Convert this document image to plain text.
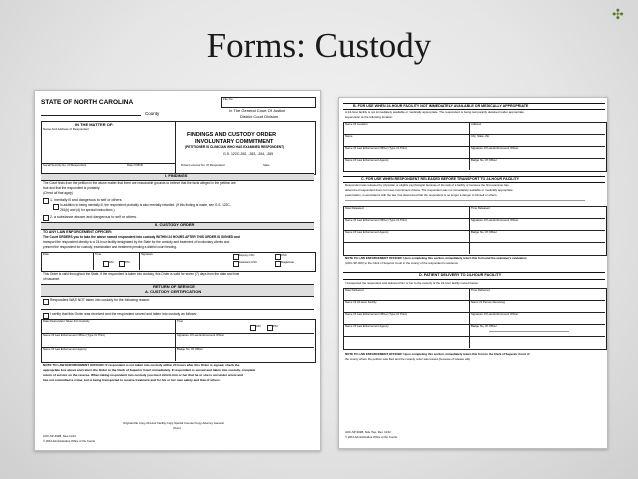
✣
Forms: Custody
STATE OF NORTH CAROLINA	File No.
County
In The General Court Of Justice
District Court Division
IN THE MATTER OF:
Name And Address of Respondent
FINDINGS AND CUSTODY ORDER
INVOLUNTARY COMMITMENT
(PETITIONER IS CLINICIAN WHO HAS EXAMINED RESPONDENT)
G.S. 122C-262, -263, -264, -265
Social Security No. Of Respondent	Date Of Birth	Drivers License No. Of Respondent	State
I. FINDINGS
The Court finds from the petition in the above matter that there are reasonable grounds to believe that the facts alleged in the petition are
true and that the respondent is probably:
(Check all that apply)
1. mentally ill and dangerous to self or others.
In addition to being mentally ill, the respondent probably is also mentally retarded. (If this finding is made, see G.S. 122C-
261(b) and (d) for special instructions.)
2. a substance abuser and dangerous to self or others.
II. CUSTODY ORDER
TO ANY LAW ENFORCEMENT OFFICER:
The Court ORDERS you to take the above named respondent into custody WITHIN 24 HOURS AFTER THIS ORDER IS SIGNED and
transport the respondent directly to a 24-hour facility designated by the State for the custody and treatment of involuntary clients and
present the respondent for custody, examination and treatment pending a district court hearing.
Date	Time
AM	PM
Signature	Deputy CSC	CSC
Assistant CSC	Magistrate
This Order is valid throughout the State. If the respondent is taken into custody, this Order is valid for seven (7) days from the date and time
of issuance.
RETURN OF SERVICE
A. CUSTODY CERTIFICATION
Respondent WAS NOT taken into custody for the following reason:
I certify that this Order was received and the respondent served and taken into custody as follows:
Date Respondent Taken Into Custody	Time
AM	PM
Name Of Law Enforcement Officer (Type Or Print)	Signature Of Law Enforcement Officer
Name Of Law Enforcement Agency	Badge No. Of Officer
NOTE TO LAW ENFORCEMENT OFFICER: If respondent is not taken into custody within 24 hours after this Order is signed, check the
appropriate box above and return the Order to the Clerk of Superior Court immediately. If respondent is served and taken into custody, complete
return of service on the reverse. When taking respondent into custody you must inform him or her that he or she is not under arrest and
has not committed a crime, but is being transported to receive treatment and for his or her own safety and that of others.
Original-File Copy-24-Hour Facility Copy-Special Counsel Copy-Attorney General
(Over)
AOC-SP-302B, New 11/12
© 2012 Administrative Office of the Courts
B. FOR USE WHEN 24-HOUR FACILITY NOT IMMEDIATELY AVAILABLE OR MEDICALLY APPROPRIATE
A 24-hour facility is not immediately available or medically appropriate. The respondent is being temporarily detained under appropriate
supervision at the following location:
Name Of Location	Address
Name	City, State, Zip
Name Of Law Enforcement Officer (Type Or Print)	Signature Of Law Enforcement Officer
Name Of Law Enforcement Agency	Badge No. Of Officer
C. FOR USE WHEN RESPONDENT RELEASED BEFORE TRANSPORT TO 24-HOUR FACILITY
Respondent was released by physician or eligible psychologist because of the lack of a facility or because the first examiner has
determined respondent does not meet commitment criteria. The respondent was not immediately available or medically appropriate.
examination, in accordance with the law, has determined that the respondent is no longer a danger to himself or others.
Date Released	Time Released
Name Of Law Enforcement Officer (Type Or Print)	Signature Of Law Enforcement Officer
Name Of Law Enforcement Agency	Badge No. Of Officer
NOTE TO LAW ENFORCEMENT OFFICER: Upon completing this section, immediately return this form and the examiner's evaluation
(AOC-SP-300) to the Clerk of Superior Court in the county of the respondent's residence.
D. PATIENT DELIVERY TO 24-HOUR FACILITY
I transported the respondent and delivered him or her to the custody of the 24-hour facility named below:
Date Delivered	Time Delivered
Name Of 24-Hour Facility	Name Of Person Receiving
Name Of Law Enforcement Officer (Type Or Print)	Signature Of Law Enforcement Officer
Name Of Law Enforcement Agency	Badge No. Of Officer
NOTE TO LAW ENFORCEMENT OFFICER: Upon completing this section, immediately return this form to the Clerk of Superior Court of
the county where the petition was filed and the custody order was issued (because of release will)
AOC-SP-302B, Side Two, Rev. 11/12
© 2012 Administrative Office of the Courts
